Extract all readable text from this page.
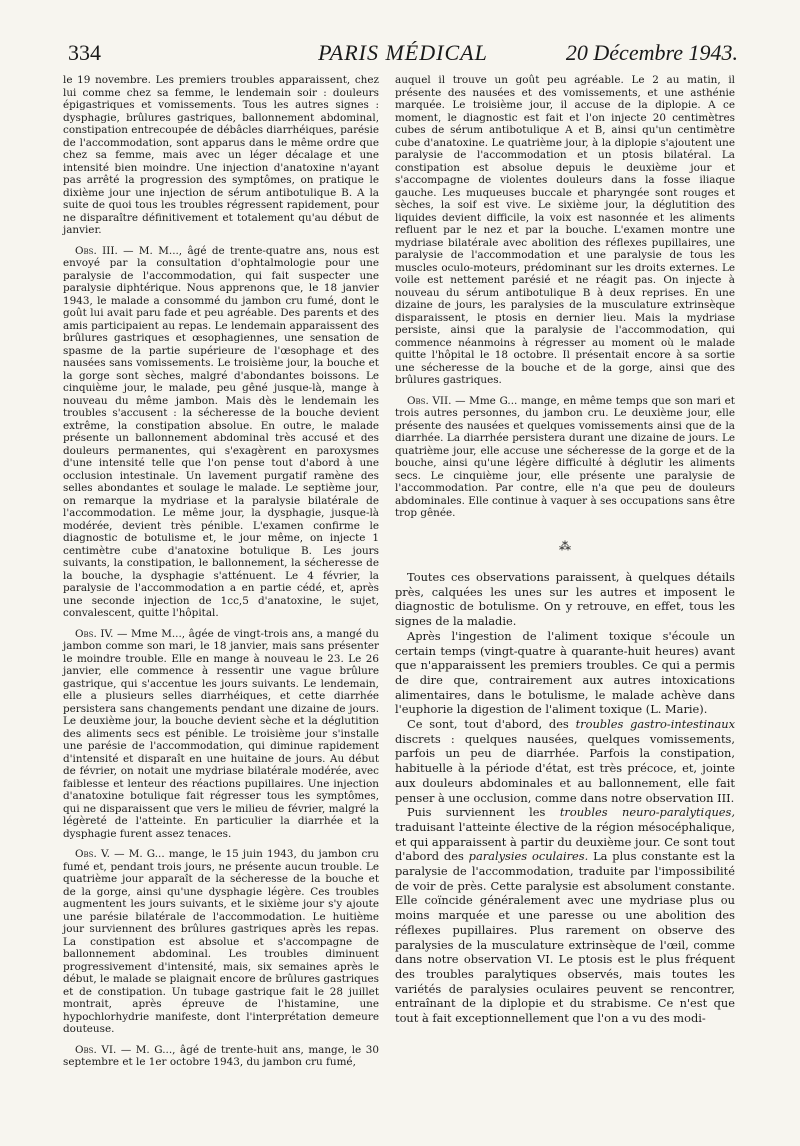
334	PARIS MÉDICAL	20 Décembre 1943.

le 19 novembre. Les premiers troubles apparaissent, chez lui comme chez sa femme, le lendemain soir : douleurs épigastriques et vomissements. Tous les autres signes : dysphagie, brûlures gastriques, ballonnement abdominal, constipation entrecoupée de débâcles diarrhéiques, parésie de l'accommodation, sont apparus dans le même ordre que chez sa femme, mais avec un léger décalage et une intensité bien moindre. Une injection d'anatoxine n'ayant pas arrêté la progression des symptômes, on pratique le dixième jour une injection de sérum antibotulique B. A la suite de quoi tous les troubles régressent rapidement, pour ne disparaître définitivement et totalement qu'au début de janvier.

Obs. III. — M. M..., âgé de trente-quatre ans, nous est envoyé par la consultation d'ophtalmologie pour une paralysie de l'accommodation, qui fait suspecter une paralysie diphtérique. Nous apprenons que, le 18 janvier 1943, le malade a consommé du jambon cru fumé, dont le goût lui avait paru fade et peu agréable. Des parents et des amis participaient au repas. Le lendemain apparaissent des brûlures gastriques et œsophagiennes, une sensation de spasme de la partie supérieure de l'œsophage et des nausées sans vomissements. Le troisième jour, la bouche et la gorge sont sèches, malgré d'abondantes boissons. Le cinquième jour, le malade, peu gêné jusque-là, mange à nouveau du même jambon. Mais dès le lendemain les troubles s'accusent : la sécheresse de la bouche devient extrême, la constipation absolue. En outre, le malade présente un ballonnement abdominal très accusé et des douleurs permanentes, qui s'exagèrent en paroxysmes d'une intensité telle que l'on pense tout d'abord à une occlusion intestinale. Un lavement purgatif ramène des selles abondantes et soulage le malade. Le septième jour, on remarque la mydriase et la paralysie bilatérale de l'accommodation. Le même jour, la dysphagie, jusque-là modérée, devient très pénible. L'examen confirme le diagnostic de botulisme et, le jour même, on injecte 1 centimètre cube d'anatoxine botulique B. Les jours suivants, la constipation, le ballonnement, la sécheresse de la bouche, la dysphagie s'atténuent. Le 4 février, la paralysie de l'accommodation a en partie cédé, et, après une seconde injection de 1cc,5 d'anatoxine, le sujet, convalescent, quitte l'hôpital.

Obs. IV. — Mme M..., âgée de vingt-trois ans, a mangé du jambon comme son mari, le 18 janvier, mais sans présenter le moindre trouble. Elle en mange à nouveau le 23. Le 26 janvier, elle commence à ressentir une vague brûlure gastrique, qui s'accentue les jours suivants. Le lendemain, elle a plusieurs selles diarrhéiques, et cette diarrhée persistera sans changements pendant une dizaine de jours. Le deuxième jour, la bouche devient sèche et la déglutition des aliments secs est pénible. Le troisième jour s'installe une parésie de l'accommodation, qui diminue rapidement d'intensité et disparaît en une huitaine de jours. Au début de février, on notait une mydriase bilatérale modérée, avec faiblesse et lenteur des réactions pupillaires. Une injection d'anatoxine botulique fait régresser tous les symptômes, qui ne disparaissent que vers le milieu de février, malgré la légèreté de l'atteinte. En particulier la diarrhée et la dysphagie furent assez tenaces.

Obs. V. — M. G... mange, le 15 juin 1943, du jambon cru fumé et, pendant trois jours, ne présente aucun trouble. Le quatrième jour apparaît de la sécheresse de la bouche et de la gorge, ainsi qu'une dysphagie légère. Ces troubles augmentent les jours suivants, et le sixième jour s'y ajoute une parésie bilatérale de l'accommodation. Le huitième jour surviennent des brûlures gastriques après les repas. La constipation est absolue et s'accompagne de ballonnement abdominal. Les troubles diminuent progressivement d'intensité, mais, six semaines après le début, le malade se plaignait encore de brûlures gastriques et de constipation. Un tubage gastrique fait le 28 juillet montrait, après épreuve de l'histamine, une hypochlorhydrie manifeste, dont l'interprétation demeure douteuse.

Obs. VI. — M. G..., âgé de trente-huit ans, mange, le 30 septembre et le 1er octobre 1943, du jambon cru fumé,

auquel il trouve un goût peu agréable. Le 2 au matin, il présente des nausées et des vomissements, et une asthénie marquée. Le troisième jour, il accuse de la diplopie. A ce moment, le diagnostic est fait et l'on injecte 20 centimètres cubes de sérum antibotulique A et B, ainsi qu'un centimètre cube d'anatoxine. Le quatrième jour, à la diplopie s'ajoutent une paralysie de l'accommodation et un ptosis bilatéral. La constipation est absolue depuis le deuxième jour et s'accompagne de violentes douleurs dans la fosse iliaque gauche. Les muqueuses buccale et pharyngée sont rouges et sèches, la soif est vive. Le sixième jour, la déglutition des liquides devient difficile, la voix est nasonnée et les aliments refluent par le nez et par la bouche. L'examen montre une mydriase bilatérale avec abolition des réflexes pupillaires, une paralysie de l'accommodation et une paralysie de tous les muscles oculo-moteurs, prédominant sur les droits externes. Le voile est nettement parésié et ne réagit pas. On injecte à nouveau du sérum antibotulique B à deux reprises. En une dizaine de jours, les paralysies de la musculature extrinsèque disparaissent, le ptosis en dernier lieu. Mais la mydriase persiste, ainsi que la paralysie de l'accommodation, qui commence néanmoins à régresser au moment où le malade quitte l'hôpital le 18 octobre. Il présentait encore à sa sortie une sécheresse de la bouche et de la gorge, ainsi que des brûlures gastriques.

Obs. VII. — Mme G... mange, en même temps que son mari et trois autres personnes, du jambon cru. Le deuxième jour, elle présente des nausées et quelques vomissements ainsi que de la diarrhée. La diarrhée persistera durant une dizaine de jours. Le quatrième jour, elle accuse une sécheresse de la gorge et de la bouche, ainsi qu'une légère difficulté à déglutir les aliments secs. Le cinquième jour, elle présente une paralysie de l'accommodation. Par contre, elle n'a que peu de douleurs abdominales. Elle continue à vaquer à ses occupations sans être trop gênée.

⁂

Toutes ces observations paraissent, à quelques détails près, calquées les unes sur les autres et imposent le diagnostic de botulisme. On y retrouve, en effet, tous les signes de la maladie.

Après l'ingestion de l'aliment toxique s'écoule un certain temps (vingt-quatre à quarante-huit heures) avant que n'apparaissent les premiers troubles. Ce qui a permis de dire que, contrairement aux autres intoxications alimentaires, dans le botulisme, le malade achève dans l'euphorie la digestion de l'aliment toxique (L. Marie).

Ce sont, tout d'abord, des troubles gastro-intestinaux discrets : quelques nausées, quelques vomissements, parfois un peu de diarrhée. Parfois la constipation, habituelle à la période d'état, est très précoce, et, jointe aux douleurs abdominales et au ballonnement, elle fait penser à une occlusion, comme dans notre observation III.

Puis surviennent les troubles neuro-paralytiques, traduisant l'atteinte élective de la région mésocéphalique, et qui apparaissent à partir du deuxième jour. Ce sont tout d'abord des paralysies oculaires. La plus constante est la paralysie de l'accommodation, traduite par l'impossibilité de voir de près. Cette paralysie est absolument constante. Elle coïncide généralement avec une mydriase plus ou moins marquée et une paresse ou une abolition des réflexes pupillaires. Plus rarement on observe des paralysies de la musculature extrinsèque de l'œil, comme dans notre observation VI. Le ptosis est le plus fréquent des troubles paralytiques observés, mais toutes les variétés de paralysies oculaires peuvent se rencontrer, entraînant de la diplopie et du strabisme. Ce n'est que tout à fait exceptionnellement que l'on a vu des modi-
